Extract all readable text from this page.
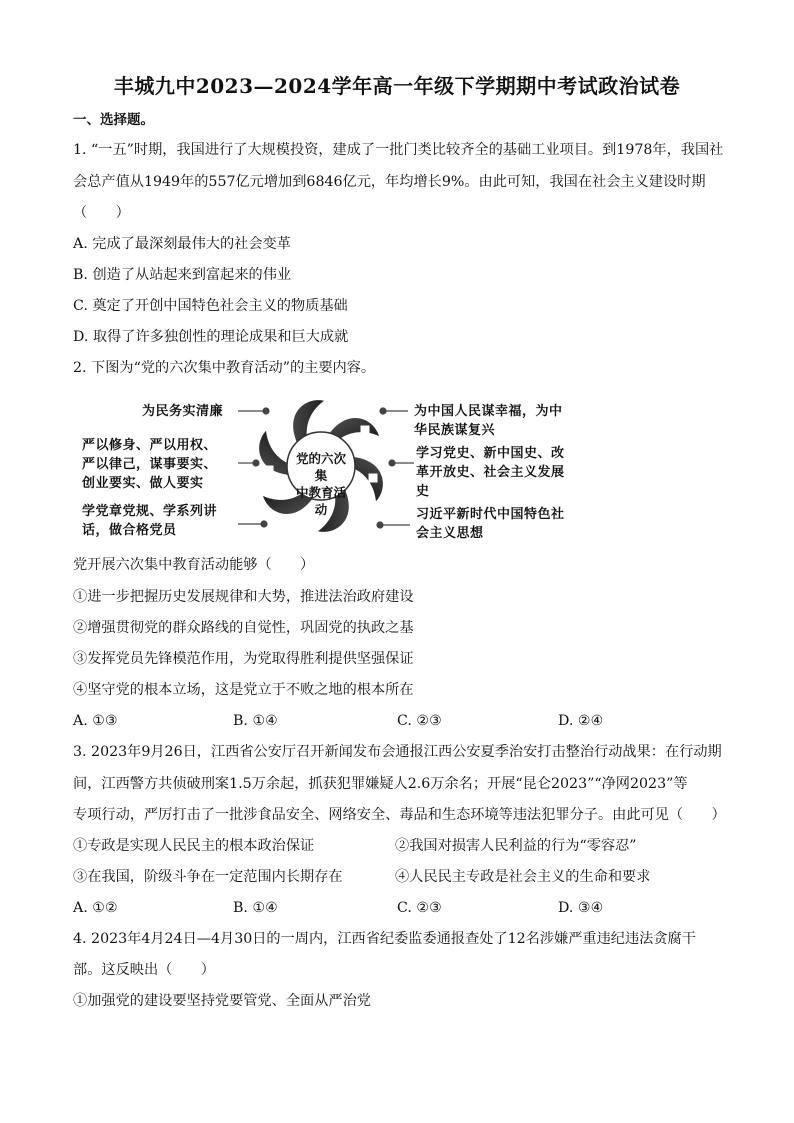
丰城九中2023—2024学年高一年级下学期期中考试政治试卷
一、选择题。
1. “一五”时期，我国进行了大规模投资，建成了一批门类比较齐全的基础工业项目。到1978年，我国社
会总产值从1949年的557亿元增加到6846亿元，年均增长9%。由此可知，我国在社会主义建设时期
（　　）
A. 完成了最深刻最伟大的社会变革
B. 创造了从站起来到富起来的伟业
C. 奠定了开创中国特色社会主义的物质基础
D. 取得了许多独创性的理论成果和巨大成就
2. 下图为“党的六次集中教育活动”的主要内容。
党的六次集
中教育活动
为民务实清廉
严以修身、严以用权、
严以律己，谋事要实、
创业要实、做人要实
学党章党规、学系列讲
话，做合格党员
为中国人民谋幸福，为中
华民族谋复兴
学习党史、新中国史、改
革开放史、社会主义发展
史
习近平新时代中国特色社
会主义思想
党开展六次集中教育活动能够（　　）
①进一步把握历史发展规律和大势，推进法治政府建设
②增强贯彻党的群众路线的自觉性，巩固党的执政之基
③发挥党员先锋模范作用，为党取得胜利提供坚强保证
④坚守党的根本立场，这是党立于不败之地的根本所在
A. ①③	B. ①④	C. ②③	D. ②④
3. 2023年9月26日，江西省公安厅召开新闻发布会通报江西公安夏季治安打击整治行动战果：在行动期
间，江西警方共侦破刑案1.5万余起，抓获犯罪嫌疑人2.6万余名；开展“昆仑2023”“净网2023”等
专项行动，严厉打击了一批涉食品安全、网络安全、毒品和生态环境等违法犯罪分子。由此可见（　　）
①专政是实现人民民主的根本政治保证	②我国对损害人民利益的行为“零容忍”
③在我国，阶级斗争在一定范围内长期存在	④人民民主专政是社会主义的生命和要求
A. ①②	B. ①④	C. ②③	D. ③④
4. 2023年4月24日—4月30日的一周内，江西省纪委监委通报查处了12名涉嫌严重违纪违法贪腐干
部。这反映出（　　）
①加强党的建设要坚持党要管党、全面从严治党
